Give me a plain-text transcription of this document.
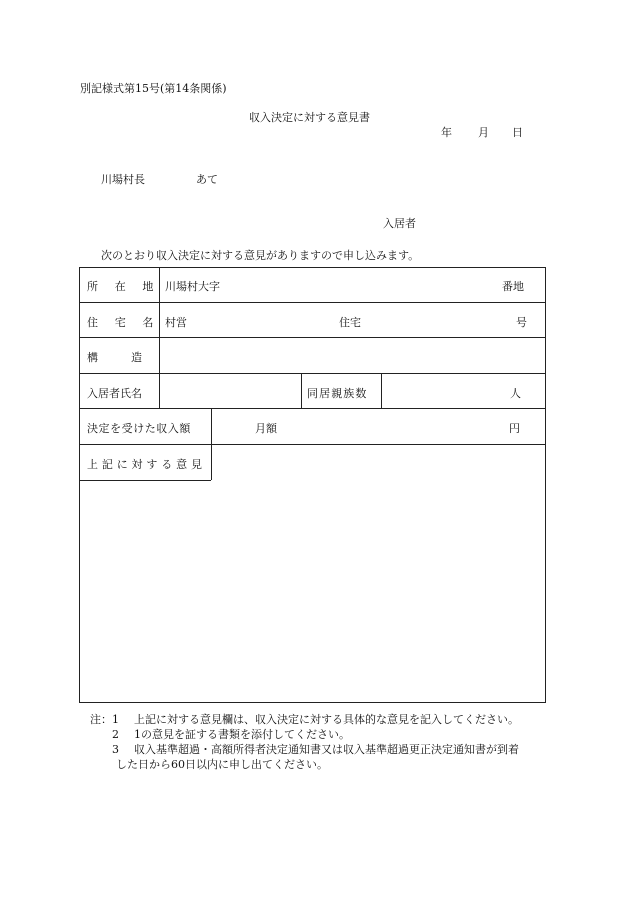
別記様式第15号(第14条関係)
収入決定に対する意見書
年 月 日
川場村長	あて
入居者
次のとおり収入決定に対する意見がありますので申し込みます。
所 在 地 川場村大字	番地
住 宅 名 村営	住宅	号
構　　　造
入居者氏名	同居親族数	人
決定を受けた収入額	月額	円
上記に対する意見
注： 1	上記に対する意見欄は、収入決定に対する具体的な意見を記入してください。
2	1の意見を証する書類を添付してください。
3	収入基準超過・高額所得者決定通知書又は収入基準超過更正決定通知書が到着
した日から60日以内に申し出てください。
